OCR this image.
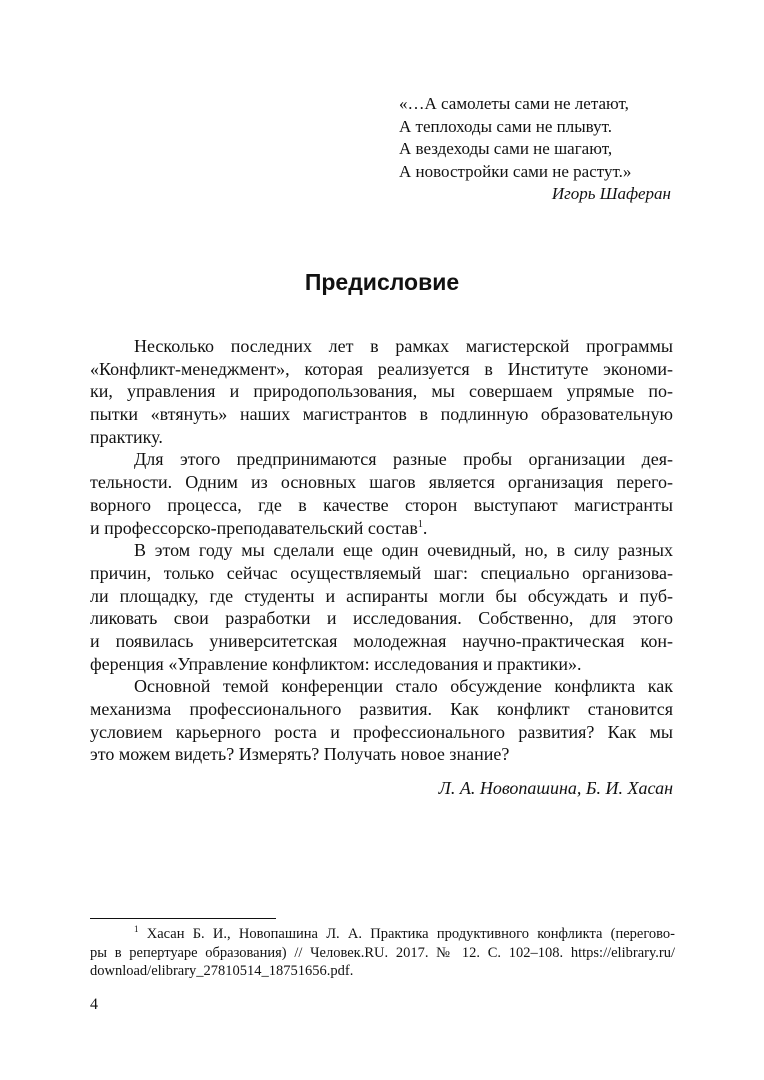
«…А самолеты сами не летают,
А теплоходы сами не плывут.
А вездеходы сами не шагают,
А новостройки сами не растут.»
Игорь Шаферан
Предисловие

Несколько последних лет в рамках магистерской программы
«Конфликт-менеджмент», которая реализуется в Институте экономи-
ки, управления и природопользования, мы совершаем упрямые по-
пытки «втянуть» наших магистрантов в подлинную образовательную
практику.

Для этого предпринимаются разные пробы организации дея-
тельности. Одним из основных шагов является организация перего-
ворного процесса, где в качестве сторон выступают магистранты
и профессорско-преподавательский состав$^1$.

В этом году мы сделали еще один очевидный, но, в силу разных
причин, только сейчас осуществляемый шаг: специально организова-
ли площадку, где студенты и аспиранты могли бы обсуждать и пуб-
ликовать свои разработки и исследования. Собственно, для этого
и появилась университетская молодежная научно-практическая кон-
ференция «Управление конфликтом: исследования и практики».

Основной темой конференции стало обсуждение конфликта как
механизма профессионального развития. Как конфликт становится
условием карьерного роста и профессионального развития? Как мы
это можем видеть? Измерять? Получать новое знание?

Л. А. Новопашина, Б. И. Хасан
$^1$ Хасан Б. И., Новопашина Л. А. Практика продуктивного конфликта (перегово-
ры в репертуаре образования) // Человек.RU. 2017. № 12. С. 102–108. https://elibrary.ru/
download/elibrary_27810514_18751656.pdf.
4
